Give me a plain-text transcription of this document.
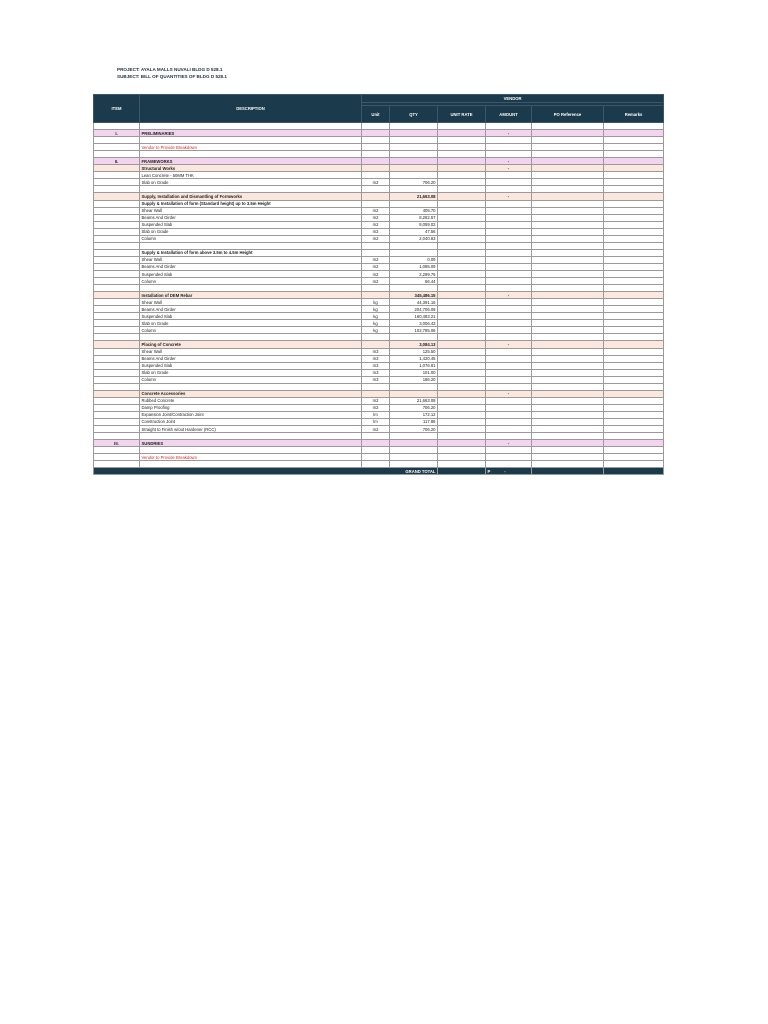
PROJECT: AYALA MALLS NUVALI BLDG D 528.1
SUBJECT: BILL OF QUANTITIES OF BLDG D 528.1
ITEM	DESCRIPTION	VENDOR					

		Unit	QTY	UNIT RATE	AMOUNT	PO Reference	Remarks

I.	PRELIMINARIES				-		

	Vendor to Provide Breakdown						

II.	FRAMEWORKS				-		
	Structural Works				-		
	Lean Concrete - 50MM THK						
	Slab on Grade	m2	706.20				

	Supply, Installation and Dismantling of Formworks		21,663.08		-		
	Supply & Installation of form (Standard height) up to 3.5m Height						
	Shear Wall	m2	405.70				
	Beams And Girder	m2	8,262.57				
	Suspended Slab	m2	8,059.02				
	Slab on Grade	m2	47.56				
	Column	m2	2,040.83				

	Supply & Installation of form above 3.5m to 4.5m Height						
	Shear Wall	m2	0.09				
	Beams And Girder	m2	1,085.09				
	Suspended Slab	m2	2,299.75				
	Column	m2	56.44				

	Installation of DEM Rebar		345,486.15		-		
	Shear Wall	kg	44,391.16				
	Beams And Girder	kg	204,706.08				
	Suspended Slab	kg	160,483.21				
	Slab on Grade	kg	3,006.43				
	Column	kg	102,785.06				

	Placing of Concrete		3,084.13		-		
	Shear Wall	m3	125.50				
	Beams And Girder	m3	1,420.45				
	Suspended Slab	m3	1,076.61				
	Slab on Grade	m3	101.00				
	Column	m3	186.20				

	Concrete Accessories				-		
	Rubbed Concrete	m2	21,663.08				
	Damp Proofing	m2	706.20				
	Expansion Joint/Contraction Joint	lm	172.12				
	Construction Joint	lm	117.88				
	Straight to Finish w/out Hardener (RCC)	m2	706.20				

III.	SUNDRIES				-		

	Vendor to Provide Breakdown						

GRAND TOTAL					P -		
